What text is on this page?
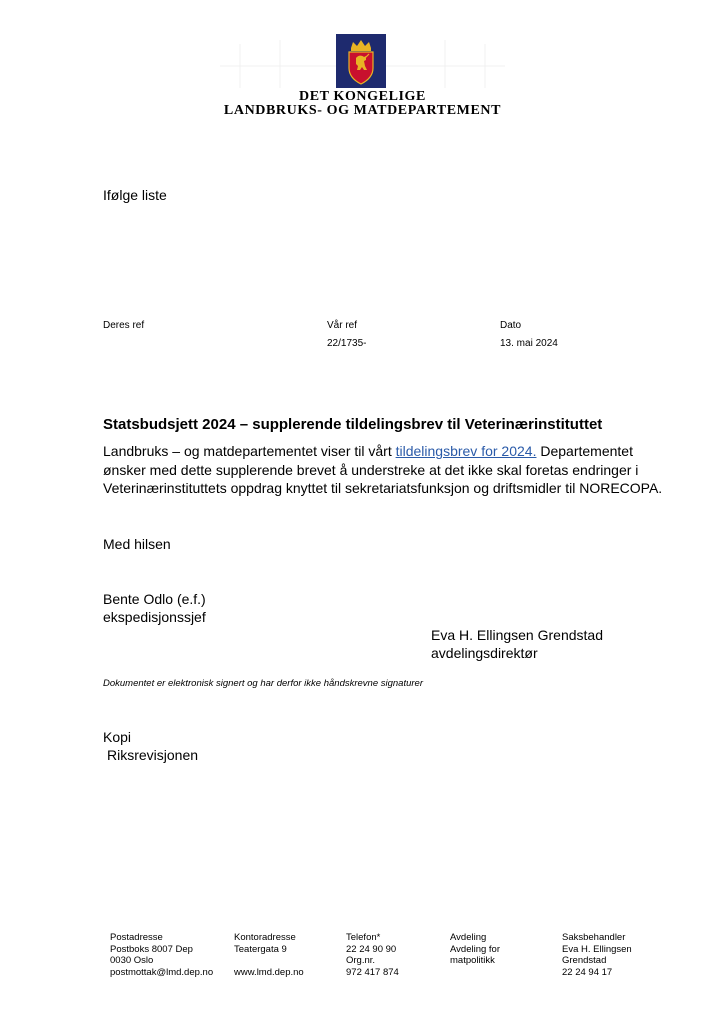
DET KONGELIGE
LANDBRUKS- OG MATDEPARTEMENT
Ifølge liste
Deres ref	Vår ref
22/1735-
Dato
13. mai 2024
Statsbudsjett 2024 – supplerende tildelingsbrev til Veterinærinstituttet
Landbruks – og matdepartementet viser til vårt tildelingsbrev for 2024. Departementet ønsker med dette supplerende brevet å understreke at det ikke skal foretas endringer i Veterinærinstituttets oppdrag knyttet til sekretariatsfunksjon og driftsmidler til NORECOPA.
Med hilsen
Bente Odlo (e.f.)
ekspedisjonssjef
Eva H. Ellingsen Grendstad
avdelingsdirektør
Dokumentet er elektronisk signert og har derfor ikke håndskrevne signaturer
Kopi
Riksrevisjonen
Postadresse
Postboks 8007 Dep
0030 Oslo
postmottak@lmd.dep.no
Kontoradresse
Teatergata 9

www.lmd.dep.no
Telefon*
22 24 90 90
Org.nr.
972 417 874
Avdeling
Avdeling for
matpolitikk
Saksbehandler
Eva H. Ellingsen
Grendstad
22 24 94 17
